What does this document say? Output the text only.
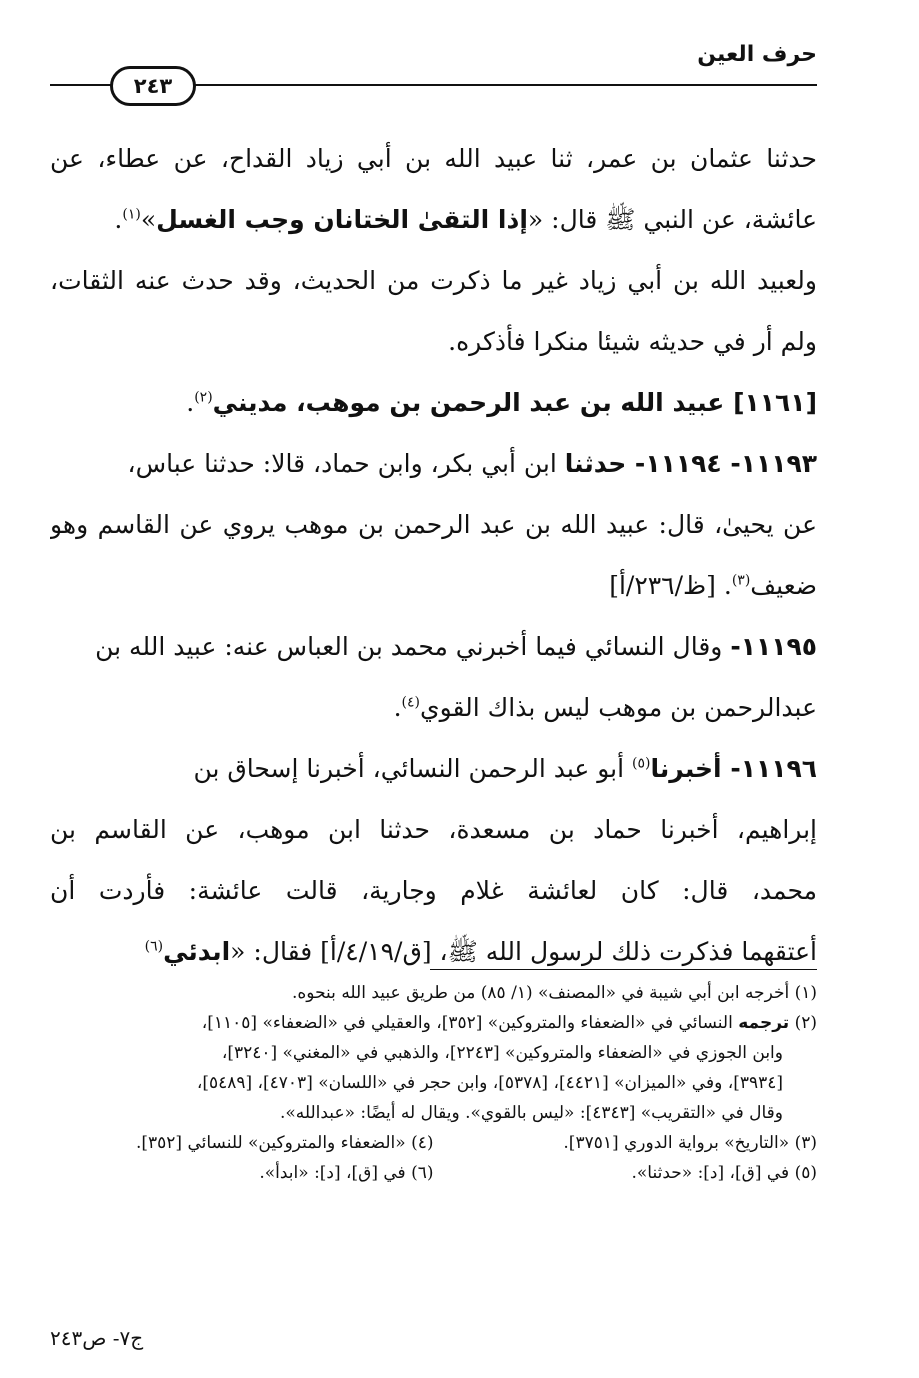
حرف العين
٢٤٣
حدثنا عثمان بن عمر، ثنا عبيد الله بن أبي زياد القداح، عن عطاء، عن
عائشة، عن النبي ﷺ قال: «إذا التقىٰ الختانان وجب الغسل»$^{(١)}$.
ولعبيد الله بن أبي زياد غير ما ذكرت من الحديث، وقد حدث عنه الثقات،
ولم أر في حديثه شيئا منكرا فأذكره.
[١١٦١] عبيد الله بن عبد الرحمن بن موهب، مديني$^{(٢)}$.
١١١٩٣- ١١١٩٤- حدثنا ابن أبي بكر، وابن حماد، قالا: حدثنا عباس،
عن يحيىٰ، قال: عبيد الله بن عبد الرحمن بن موهب يروي عن القاسم وهو
ضعيف$^{(٣)}$. [ظ/٢٣٦/أ]
١١١٩٥- وقال النسائي فيما أخبرني محمد بن العباس عنه: عبيد الله بن
عبدالرحمن بن موهب ليس بذاك القوي$^{(٤)}$.
١١١٩٦- أخبرنا$^{(٥)}$ أبو عبد الرحمن النسائي، أخبرنا إسحاق بن
إبراهيم، أخبرنا حماد بن مسعدة، حدثنا ابن موهب، عن القاسم بن
محمد، قال: كان لعائشة غلام وجارية، قالت عائشة: فأردت أن
أعتقهما فذكرت ذلك لرسول الله ﷺ، [ق/٤/١٩/أ] فقال: «ابدئي$^{(٦)}$
(١) أخرجه ابن أبي شيبة في «المصنف» (١/ ٨٥) من طريق عبيد الله بنحوه.
(٢) ترجمه النسائي في «الضعفاء والمتروكين» [٣٥٢]، والعقيلي في «الضعفاء» [١١٠٥]،
وابن الجوزي في «الضعفاء والمتروكين» [٢٢٤٣]، والذهبي في «المغني» [٣٢٤٠]،
[٣٩٣٤]، وفي «الميزان» [٤٤٢١]، [٥٣٧٨]، وابن حجر في «اللسان» [٤٧٠٣]، [٥٤٨٩]،
وقال في «التقريب» [٤٣٤٣]: «ليس بالقوي». ويقال له أيضًا: «عبدالله».
(٣) «التاريخ» برواية الدوري [٣٧٥١].
(٤) «الضعفاء والمتروكين» للنسائي [٣٥٢].
(٥) في [ق]، [د]: «حدثنا».
(٦) في [ق]، [د]: «ابدأ».
ج٧- ص٢٤٣
